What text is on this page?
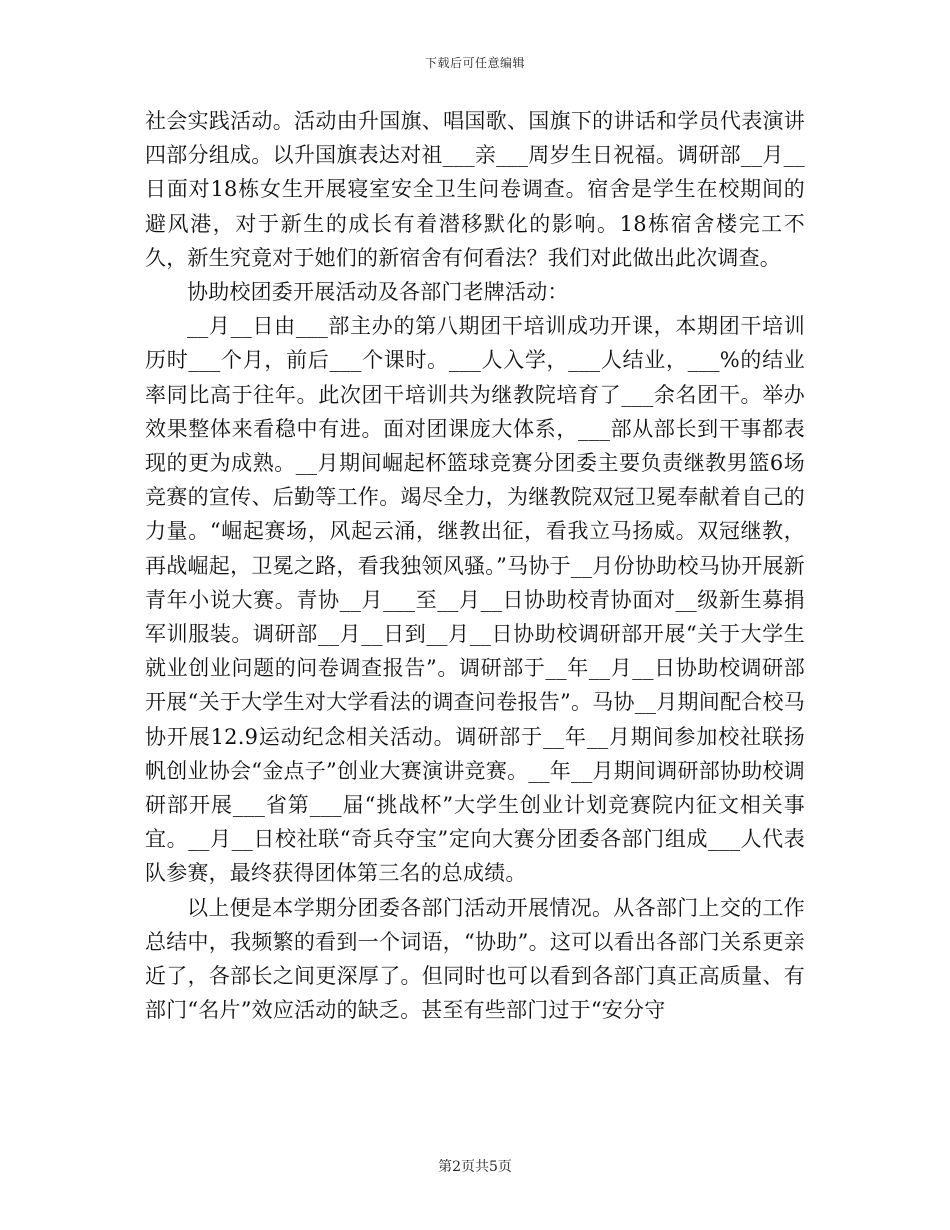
下载后可任意编辑

社会实践活动。活动由升国旗、唱国歌、国旗下的讲话和学员代表演讲四部分组成。以升国旗表达对祖___亲___周岁生日祝福。调研部__月__日面对18栋女生开展寝室安全卫生问卷调查。宿舍是学生在校期间的避风港，对于新生的成长有着潜移默化的影响。18栋宿舍楼完工不久，新生究竟对于她们的新宿舍有何看法？我们对此做出此次调查。

协助校团委开展活动及各部门老牌活动：

__月__日由___部主办的第八期团干培训成功开课，本期团干培训历时___个月，前后___个课时。___人入学，___人结业，___%的结业率同比高于往年。此次团干培训共为继教院培育了___余名团干。举办效果整体来看稳中有进。面对团课庞大体系，___部从部长到干事都表现的更为成熟。__月期间崛起杯篮球竞赛分团委主要负责继教男篮6场竞赛的宣传、后勤等工作。竭尽全力，为继教院双冠卫冕奉献着自己的力量。“崛起赛场，风起云涌，继教出征，看我立马扬威。双冠继教，再战崛起，卫冕之路，看我独领风骚。”马协于__月份协助校马协开展新青年小说大赛。青协__月___至__月__日协助校青协面对__级新生募捐军训服装。调研部__月__日到__月__日协助校调研部开展“关于大学生就业创业问题的问卷调查报告”。调研部于__年__月__日协助校调研部开展“关于大学生对大学看法的调查问卷报告”。马协__月期间配合校马协开展12.9运动纪念相关活动。调研部于__年__月期间参加校社联扬帆创业协会“金点子”创业大赛演讲竞赛。__年__月期间调研部协助校调研部开展___省第___届“挑战杯”大学生创业计划竞赛院内征文相关事宜。__月__日校社联“奇兵夺宝”定向大赛分团委各部门组成___人代表队参赛，最终获得团体第三名的总成绩。

以上便是本学期分团委各部门活动开展情况。从各部门上交的工作总结中，我频繁的看到一个词语，“协助”。这可以看出各部门关系更亲近了，各部长之间更深厚了。但同时也可以看到各部门真正高质量、有部门“名片”效应活动的缺乏。甚至有些部门过于“安分守

第2页共5页
